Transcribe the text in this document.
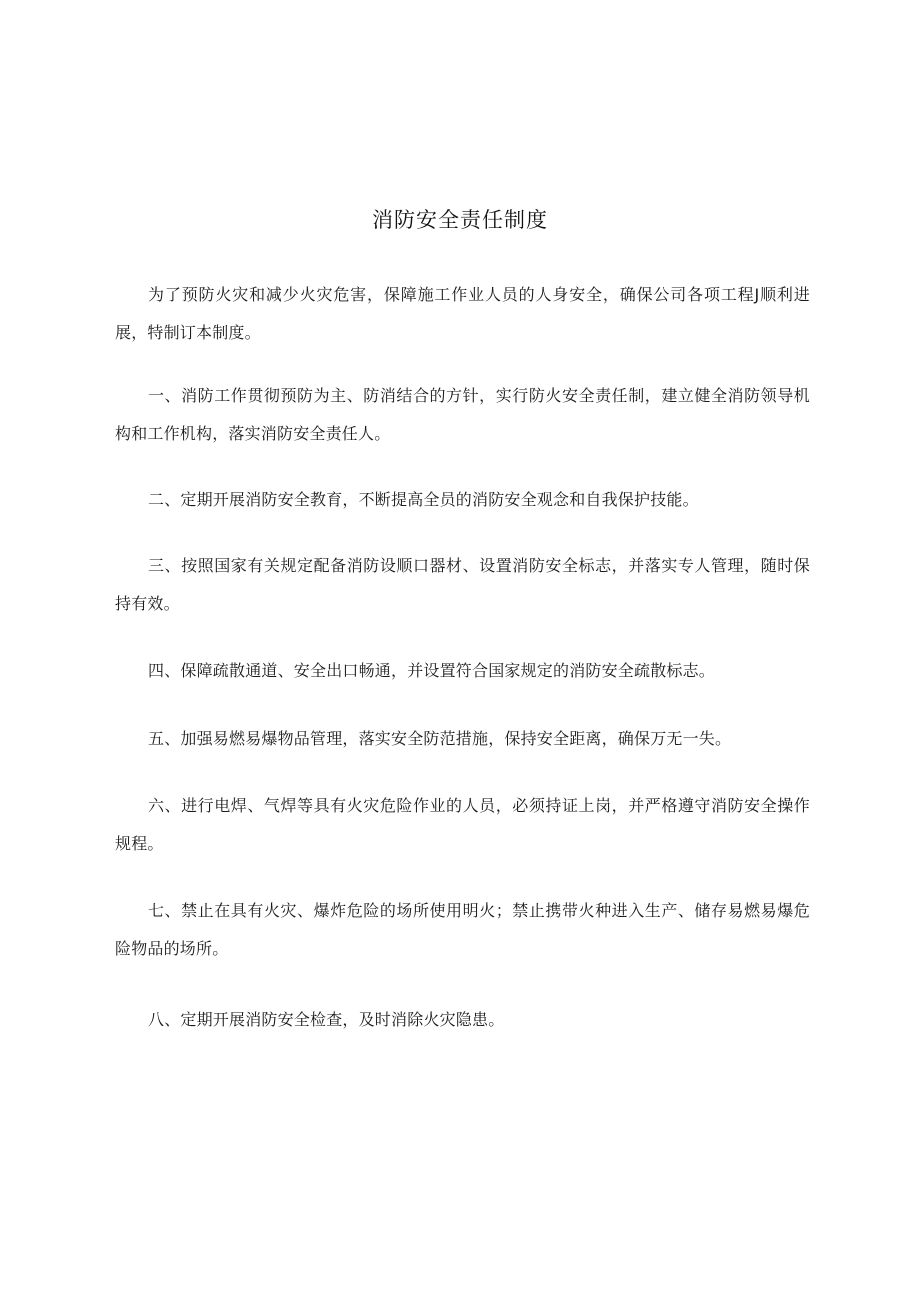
消防安全责任制度

为了预防火灾和减少火灾危害，保障施工作业人员的人身安全，确保公司各项工程J顺利进展，特制订本制度。

一、消防工作贯彻预防为主、防消结合的方针，实行防火安全责任制，建立健全消防领导机构和工作机构，落实消防安全责任人。

二、定期开展消防安全教育，不断提高全员的消防安全观念和自我保护技能。

三、按照国家有关规定配备消防设顺口器材、设置消防安全标志，并落实专人管理，随时保持有效。

四、保障疏散通道、安全出口畅通，并设置符合国家规定的消防安全疏散标志。

五、加强易燃易爆物品管理，落实安全防范措施，保持安全距离，确保万无一失。

六、进行电焊、气焊等具有火灾危险作业的人员，必须持证上岗，并严格遵守消防安全操作规程。

七、禁止在具有火灾、爆炸危险的场所使用明火；禁止携带火种进入生产、储存易燃易爆危险物品的场所。

八、定期开展消防安全检查，及时消除火灾隐患。
